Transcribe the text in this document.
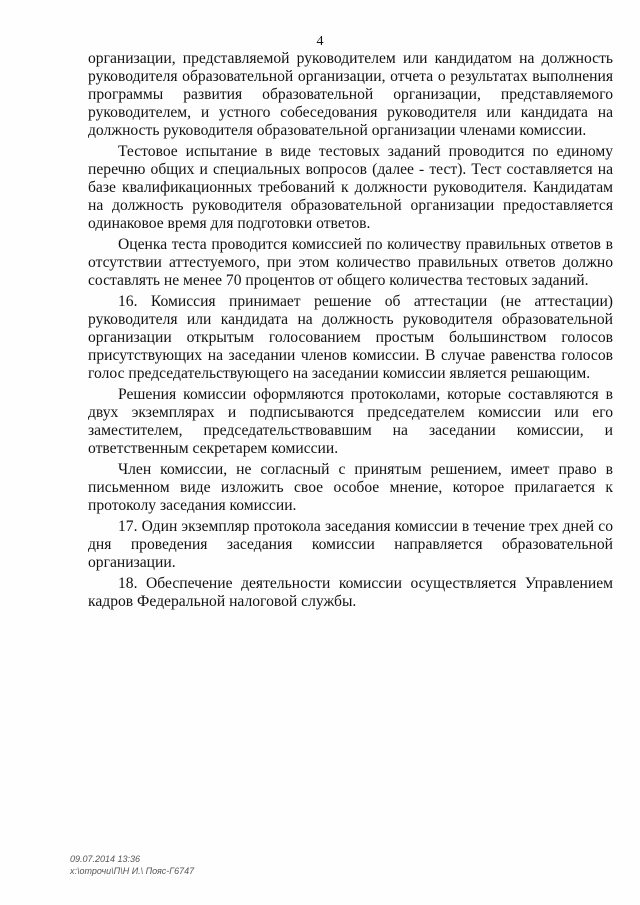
4

организации, представляемой руководителем или кандидатом на должность руководителя образовательной организации, отчета о результатах выполнения программы развития образовательной организации, представляемого руководителем, и устного собеседования руководителя или кандидата на должность руководителя образовательной организации членами комиссии.

Тестовое испытание в виде тестовых заданий проводится по единому перечню общих и специальных вопросов (далее - тест). Тест составляется на базе квалификационных требований к должности руководителя. Кандидатам на должность руководителя образовательной организации предоставляется одинаковое время для подготовки ответов.

Оценка теста проводится комиссией по количеству правильных ответов в отсутствии аттестуемого, при этом количество правильных ответов должно составлять не менее 70 процентов от общего количества тестовых заданий.

16. Комиссия принимает решение об аттестации (не аттестации) руководителя или кандидата на должность руководителя образовательной организации открытым голосованием простым большинством голосов присутствующих на заседании членов комиссии. В случае равенства голосов голос председательствующего на заседании комиссии является решающим.

Решения комиссии оформляются протоколами, которые составляются в двух экземплярах и подписываются председателем комиссии или его заместителем, председательствовавшим на заседании комиссии, и ответственным секретарем комиссии.

Член комиссии, не согласный с принятым решением, имеет право в письменном виде изложить свое особое мнение, которое прилагается к протоколу заседания комиссии.

17. Один экземпляр протокола заседания комиссии в течение трех дней со дня проведения заседания комиссии направляется образовательной организации.

18. Обеспечение деятельности комиссии осуществляется Управлением кадров Федеральной налоговой службы.

09.07.2014 13:36
x:\отрочи\П\Н И.\ Пояс-Г6747
